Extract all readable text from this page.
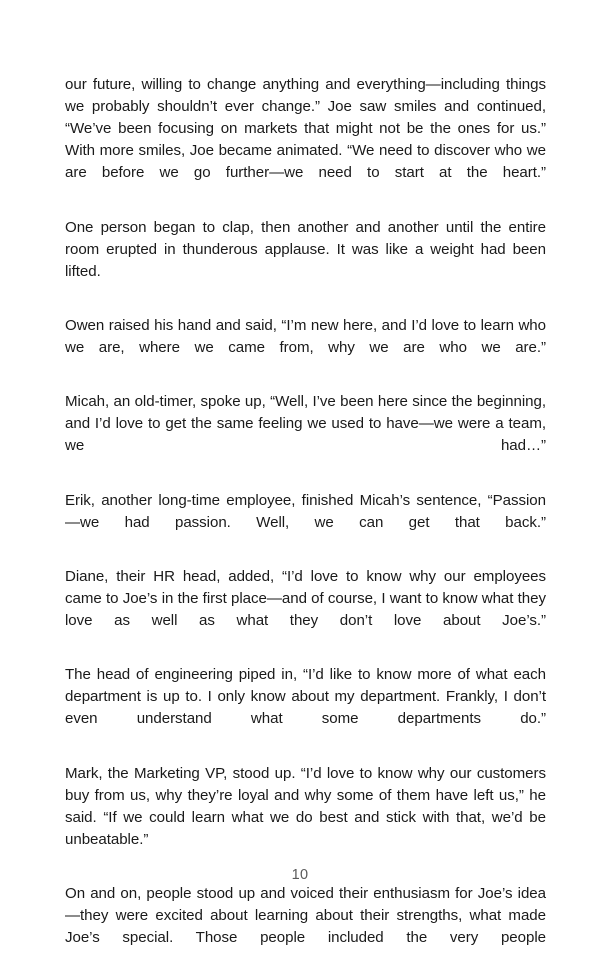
our future, willing to change anything and everything—including things we probably shouldn’t ever change.” Joe saw smiles and continued, “We’ve been focusing on markets that might not be the ones for us.” With more smiles, Joe became animated. “We need to discover who we are before we go further—we need to start at the heart.”

One person began to clap, then another and another until the entire room erupted in thunderous applause. It was like a weight had been lifted.

Owen raised his hand and said, “I’m new here, and I’d love to learn who we are, where we came from, why we are who we are.”

Micah, an old-timer, spoke up, “Well, I’ve been here since the beginning, and I’d love to get the same feeling we used to have—we were a team, we had…”

Erik, another long-time employee, finished Micah’s sentence, “Passion—we had passion. Well, we can get that back.”

Diane, their HR head, added, “I’d love to know why our employees came to Joe’s in the first place—and of course, I want to know what they love as well as what they don’t love about Joe’s.”

The head of engineering piped in, “I’d like to know more of what each department is up to. I only know about my department. Frankly, I don’t even understand what some departments do.”

Mark, the Marketing VP, stood up. “I’d love to know why our customers buy from us, why they’re loyal and why some of them have left us,” he said. “If we could learn what we do best and stick with that, we’d be unbeatable.”

On and on, people stood up and voiced their enthusiasm for Joe’s idea—they were excited about learning about their strengths, what made Joe’s special. Those people included the very people

10
